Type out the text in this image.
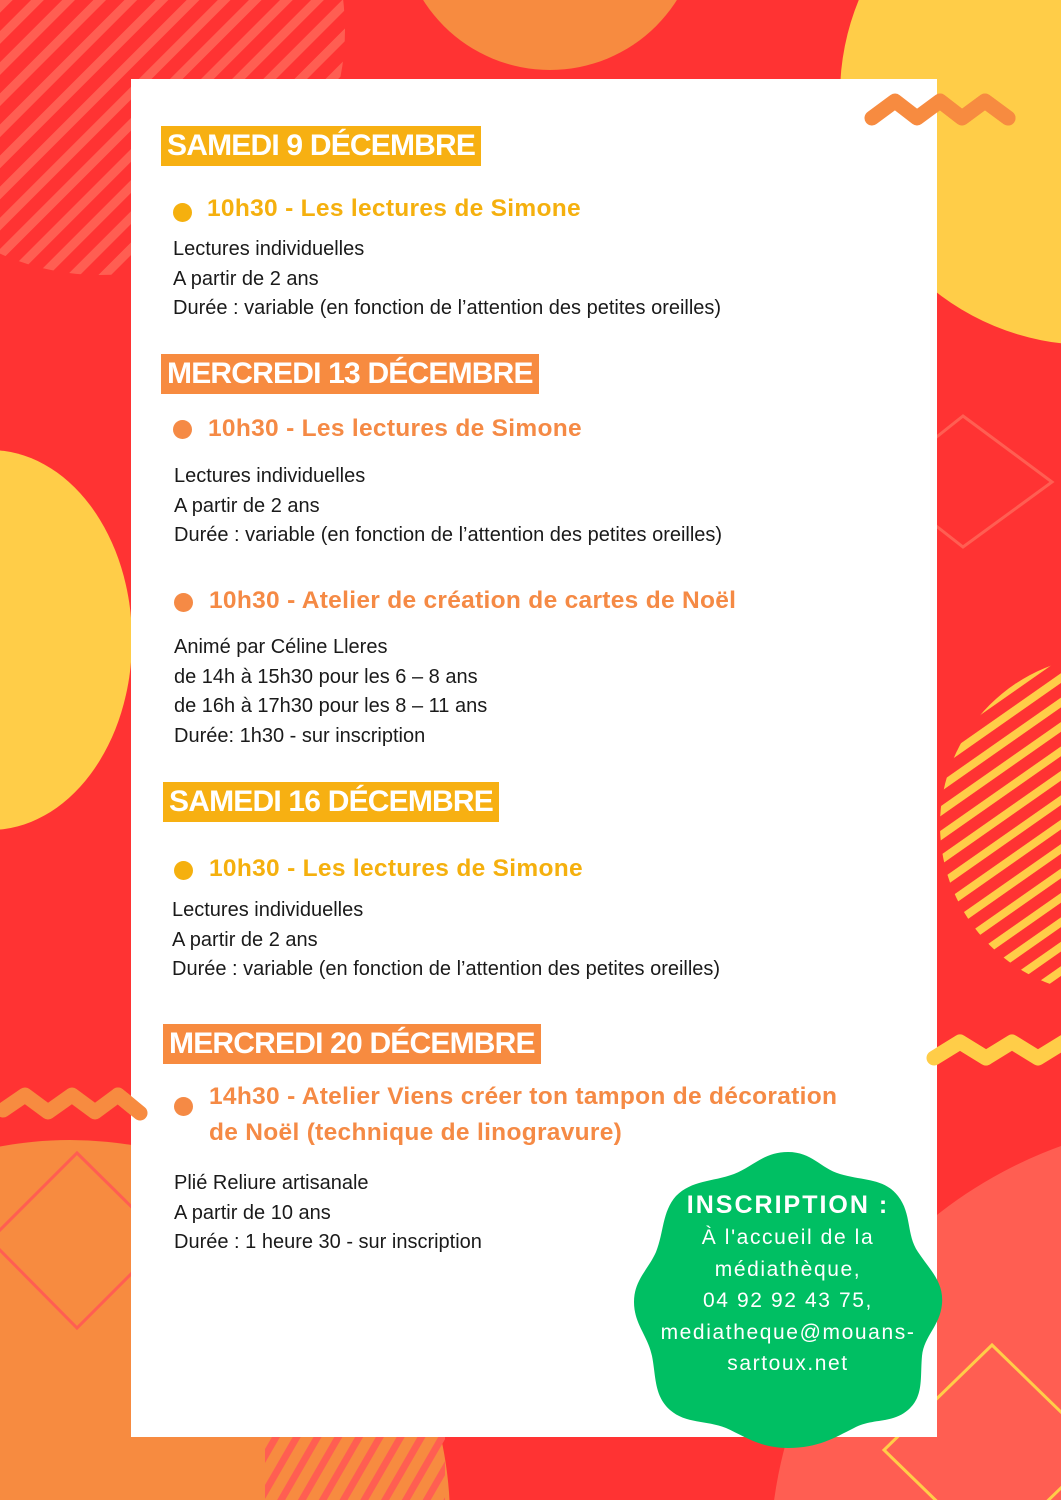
SAMEDI 9 DÉCEMBRE
10h30 - Les lectures de Simone
Lectures individuelles
A partir de 2 ans
Durée : variable (en fonction de l’attention des petites oreilles)
MERCREDI 13 DÉCEMBRE
10h30 - Les lectures de Simone
Lectures individuelles
A partir de 2 ans
Durée : variable (en fonction de l’attention des petites oreilles)
10h30 - Atelier de création de cartes de Noël
Animé par Céline Lleres
de 14h à 15h30 pour les 6 – 8 ans
de 16h à 17h30 pour les 8 – 11 ans
Durée: 1h30 - sur inscription
SAMEDI 16 DÉCEMBRE
10h30 - Les lectures de Simone
Lectures individuelles
A partir de 2 ans
Durée : variable (en fonction de l’attention des petites oreilles)
MERCREDI 20 DÉCEMBRE
14h30 - Atelier Viens créer ton tampon de décoration
de Noël (technique de linogravure)
Plié Reliure artisanale
A partir de 10 ans
Durée : 1 heure 30 - sur inscription
INSCRIPTION :
À l'accueil de la
médiathèque,
04 92 92 43 75,
mediatheque@mouans-
sartoux.net
